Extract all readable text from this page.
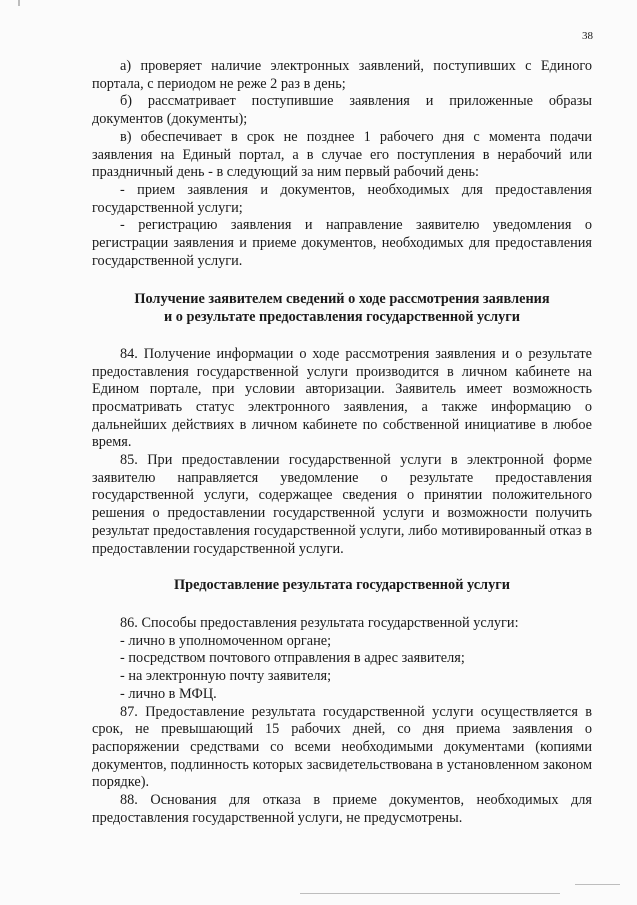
38

а) проверяет наличие электронных заявлений, поступивших с Единого портала, с периодом не реже 2 раз в день;

б) рассматривает поступившие заявления и приложенные образы документов (документы);

в) обеспечивает в срок не позднее 1 рабочего дня с момента подачи заявления на Единый портал, а в случае его поступления в нерабочий или праздничный день - в следующий за ним первый рабочий день:

- прием заявления и документов, необходимых для предоставления государственной услуги;

- регистрацию заявления и направление заявителю уведомления о регистрации заявления и приеме документов, необходимых для предоставления государственной услуги.

Получение заявителем сведений о ходе рассмотрения заявления
и о результате предоставления государственной услуги

84. Получение информации о ходе рассмотрения заявления и о результате предоставления государственной услуги производится в личном кабинете на Едином портале, при условии авторизации. Заявитель имеет возможность просматривать статус электронного заявления, а также информацию о дальнейших действиях в личном кабинете по собственной инициативе в любое время.

85. При предоставлении государственной услуги в электронной форме заявителю направляется уведомление о результате предоставления государственной услуги, содержащее сведения о принятии положительного решения о предоставлении государственной услуги и возможности получить результат предоставления государственной услуги, либо мотивированный отказ в предоставлении государственной услуги.

Предоставление результата государственной услуги

86. Способы предоставления результата государственной услуги:

- лично в уполномоченном органе;

- посредством почтового отправления в адрес заявителя;

- на электронную почту заявителя;

- лично в МФЦ.

87. Предоставление результата государственной услуги осуществляется в срок, не превышающий 15 рабочих дней, со дня приема заявления о распоряжении средствами со всеми необходимыми документами (копиями документов, подлинность которых засвидетельствована в установленном законом порядке).

88. Основания для отказа в приеме документов, необходимых для предоставления государственной услуги, не предусмотрены.
